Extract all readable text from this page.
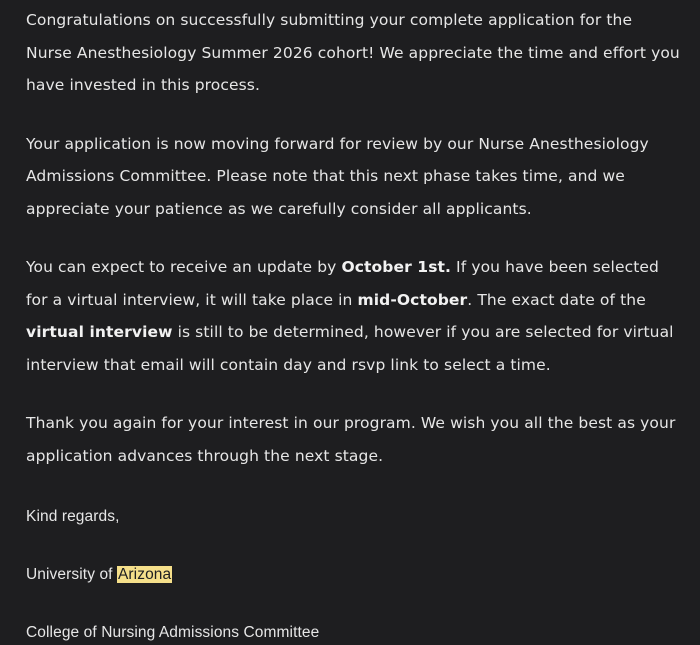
Congratulations on successfully submitting your complete application for the Nurse Anesthesiology Summer 2026 cohort! We appreciate the time and effort you have invested in this process.

Your application is now moving forward for review by our Nurse Anesthesiology Admissions Committee. Please note that this next phase takes time, and we appreciate your patience as we carefully consider all applicants.

You can expect to receive an update by October 1st. If you have been selected for a virtual interview, it will take place in mid-October. The exact date of the virtual interview is still to be determined, however if you are selected for virtual interview that email will contain day and rsvp link to select a time.

Thank you again for your interest in our program. We wish you all the best as your application advances through the next stage.

Kind regards,

University of Arizona

College of Nursing Admissions Committee
